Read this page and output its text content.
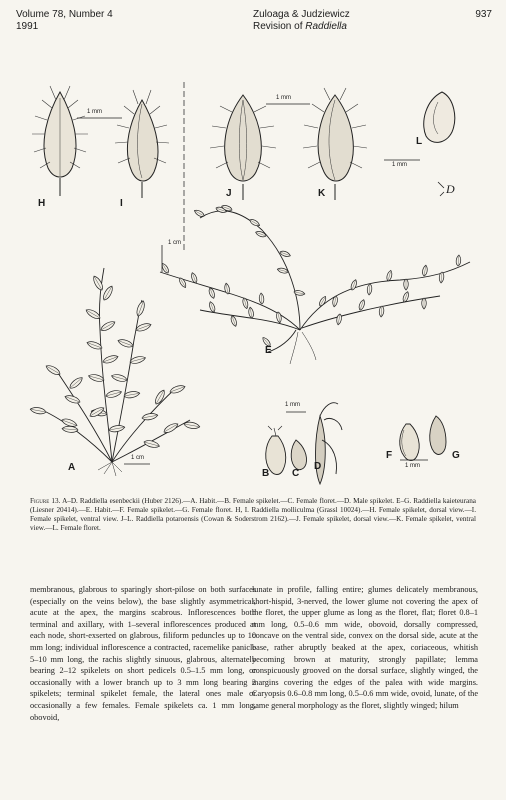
Volume 78, Number 4
1991
Zuloaga & Judziewicz
Revision of Raddiella
937
D
H	I
J	K
L
E
A
B C
D
F	G
1 mm
1 mm
1 mm
1 cm
1 cm
1 mm
1 mm
Figure 13. A–D. Raddiella esenbeckii (Huber 2126).—A. Habit.—B. Female spikelet.—C. Female floret.—D. Male spikelet. E–G. Raddiella kaieteurana (Liesner 20414).—E. Habit.—F. Female spikelet.—G. Female floret. H, I. Raddiella molliculma (Grassl 10024).—H. Female spikelet, dorsal view.—I. Female spikelet, ventral view. J–L. Raddiella potaroensis (Cowan & Soderstrom 2162).—J. Female spikelet, dorsal view.—K. Female spikelet, ventral view.—L. Female floret.
membranous, glabrous to sparingly short-pilose on both surfaces (especially on the veins below), the base slightly asymmetrical, acute at the apex, the margins scabrous. Inflorescences both terminal and axillary, with 1–several inflorescences produced at each node, short-exserted on glabrous, filiform peduncles up to 10 mm long; individual inflorescence a contracted, racemelike panicle 5–10 mm long, the rachis slightly sinuous, glabrous, alternately bearing 2–12 spikelets on short pedicels 0.5–1.5 mm long, or occasionally with a lower branch up to 3 mm long bearing 2 spikelets; terminal spikelet female, the lateral ones male or occasionally a few females. Female spikelets ca. 1 mm long, obovoid,
lunate in profile, falling entire; glumes delicately membranous, short-hispid, 3-nerved, the lower glume not covering the apex of the floret, the upper glume as long as the floret, flat; floret 0.8–1 mm long, 0.5–0.6 mm wide, obovoid, dorsally compressed, concave on the ventral side, convex on the dorsal side, acute at the base, rather abruptly beaked at the apex, coriaceous, whitish becoming brown at maturity, strongly papillate; lemma conspicuously grooved on the dorsal surface, slightly winged, the margins covering the edges of the palea with wide margins. Caryopsis 0.6–0.8 mm long, 0.5–0.6 mm wide, ovoid, lunate, of the same general morphology as the floret, slightly winged; hilum
